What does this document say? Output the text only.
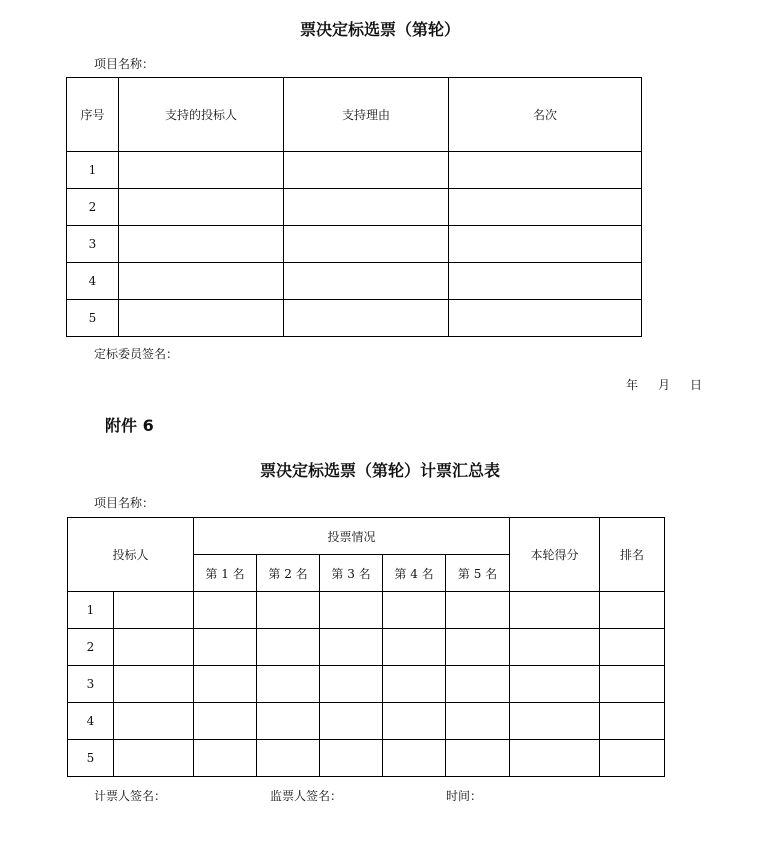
票决定标选票（第轮）
项目名称：
序号	支持的投标人	支持理由	名次
1			
2			
3			
4			
5			
定标委员签名：
年 月 日
附件 6
票决定标选票（第轮）计票汇总表
项目名称：
投标人		投票情况					本轮得分	排名
		第 1 名	第 2 名	第 3 名	第 4 名	第 5 名		
1								
2								
3								
4								
5								
计票人签名：	监票人签名：	时间：
